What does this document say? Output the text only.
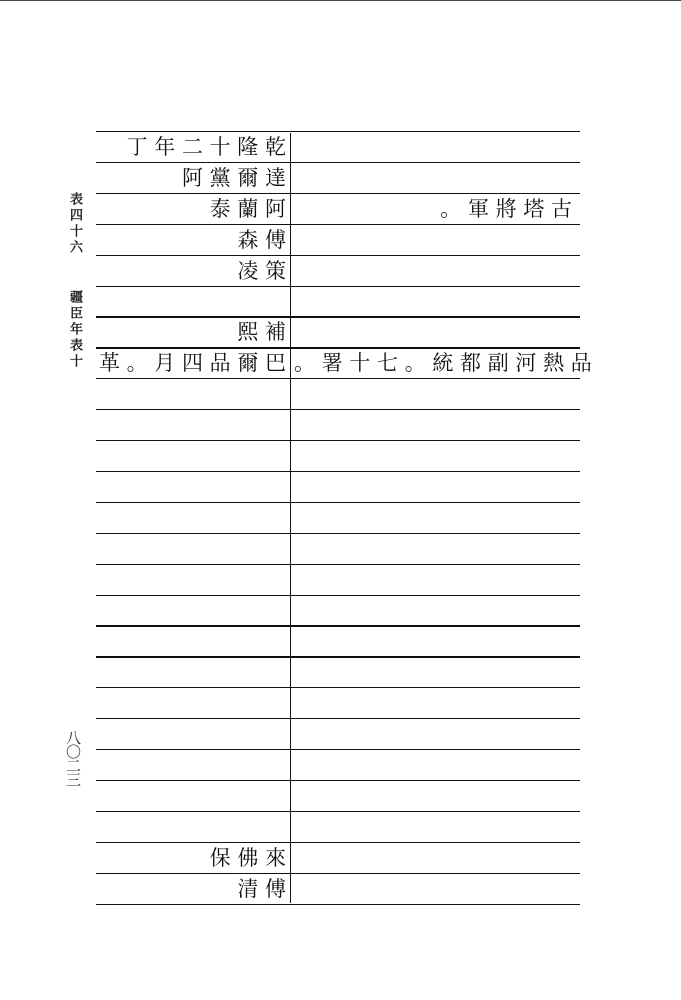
表四十六
疆臣年表十
八〇二三
丁 年 二 十 隆 乾
阿 黨 爾 達
泰 蘭 阿	。 軍 將 塔 古
森 傅
凌 策
熙 補
革 。 月 四 品 爾 巴 。 署 十 七 。 統 都 副 河 熱 品
保 佛 來
清 傅
